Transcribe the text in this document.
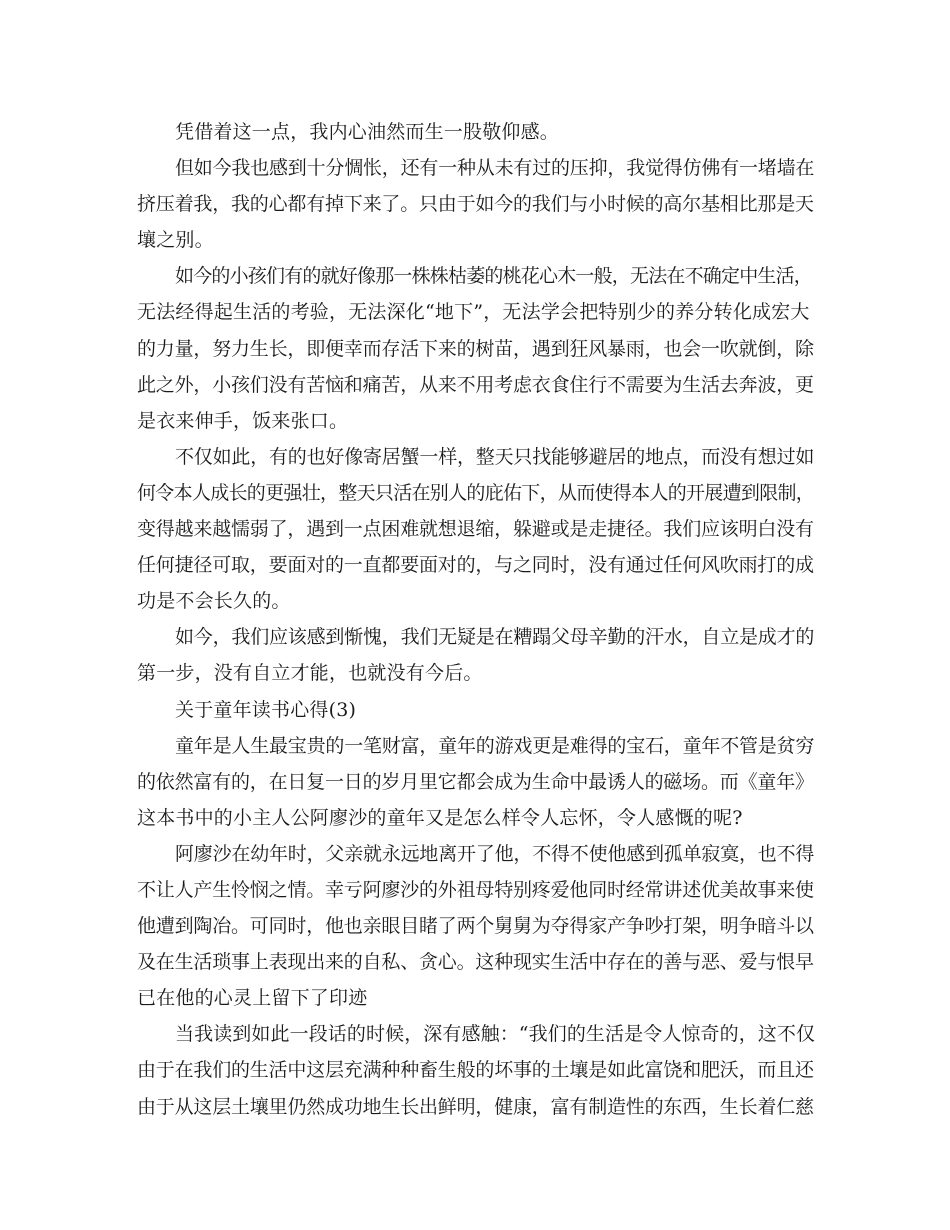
凭借着这一点，我内心油然而生一股敬仰感。
但如今我也感到十分惆怅，还有一种从未有过的压抑，我觉得仿佛有一堵墙在
挤压着我，我的心都有掉下来了。只由于如今的我们与小时候的高尔基相比那是天
壤之别。
如今的小孩们有的就好像那一株株枯萎的桃花心木一般，无法在不确定中生活，
无法经得起生活的考验，无法深化“地下”，无法学会把特别少的养分转化成宏大
的力量，努力生长，即便幸而存活下来的树苗，遇到狂风暴雨，也会一吹就倒，除
此之外，小孩们没有苦恼和痛苦，从来不用考虑衣食住行不需要为生活去奔波，更
是衣来伸手，饭来张口。
不仅如此，有的也好像寄居蟹一样，整天只找能够避居的地点，而没有想过如
何令本人成长的更强壮，整天只活在别人的庇佑下，从而使得本人的开展遭到限制，
变得越来越懦弱了，遇到一点困难就想退缩，躲避或是走捷径。我们应该明白没有
任何捷径可取，要面对的一直都要面对的，与之同时，没有通过任何风吹雨打的成
功是不会长久的。
如今，我们应该感到惭愧，我们无疑是在糟蹋父母辛勤的汗水，自立是成才的
第一步，没有自立才能，也就没有今后。
关于童年读书心得(3)
童年是人生最宝贵的一笔财富，童年的游戏更是难得的宝石，童年不管是贫穷
的依然富有的，在日复一日的岁月里它都会成为生命中最诱人的磁场。而《童年》
这本书中的小主人公阿廖沙的童年又是怎么样令人忘怀，令人感慨的呢?
阿廖沙在幼年时，父亲就永远地离开了他，不得不使他感到孤单寂寞，也不得
不让人产生怜悯之情。幸亏阿廖沙的外祖母特别疼爱他同时经常讲述优美故事来使
他遭到陶冶。可同时，他也亲眼目睹了两个舅舅为夺得家产争吵打架，明争暗斗以
及在生活琐事上表现出来的自私、贪心。这种现实生活中存在的善与恶、爱与恨早
已在他的心灵上留下了印迹
当我读到如此一段话的时候，深有感触：“我们的生活是令人惊奇的，这不仅
由于在我们的生活中这层充满种种畜生般的坏事的土壤是如此富饶和肥沃，而且还
由于从这层土壤里仍然成功地生长出鲜明，健康，富有制造性的东西，生长着仁慈
